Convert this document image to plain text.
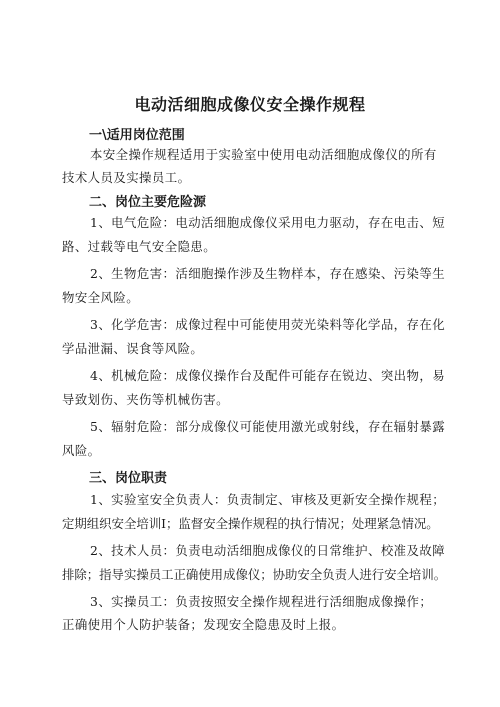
电动活细胞成像仪安全操作规程
一\适用岗位范围
本安全操作规程适用于实验室中使用电动活细胞成像仪的所有
技术人员及实操员工。
二、岗位主要危险源
1、电气危险：电动活细胞成像仪采用电力驱动，存在电击、短
路、过载等电气安全隐患。
2、生物危害：活细胞操作涉及生物样本，存在感染、污染等生
物安全风险。
3、化学危害：成像过程中可能使用荧光染料等化学品，存在化
学品泄漏、误食等风险。
4、机械危险：成像仪操作台及配件可能存在锐边、突出物，易
导致划伤、夹伤等机械伤害。
5、辐射危险：部分成像仪可能使用激光或射线，存在辐射暴露
风险。
三、岗位职责
1、实验室安全负责人：负责制定、审核及更新安全操作规程；
定期组织安全培训I；监督安全操作规程的执行情况；处理紧急情况。
2、技术人员：负责电动活细胞成像仪的日常维护、校准及故障
排除；指导实操员工正确使用成像仪；协助安全负责人进行安全培训。
3、实操员工：负责按照安全操作规程进行活细胞成像操作；
正确使用个人防护装备；发现安全隐患及时上报。
